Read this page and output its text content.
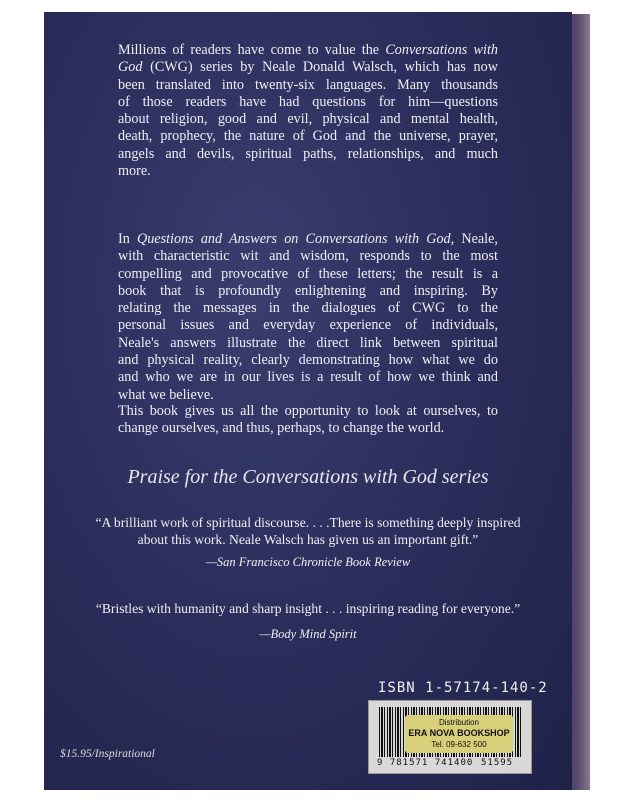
Millions of readers have come to value the Conversations with
God (CWG) series by Neale Donald Walsch, which has now
been translated into twenty-six languages. Many thousands
of those readers have had questions for him—questions
about religion, good and evil, physical and mental health,
death, prophecy, the nature of God and the universe, prayer,
angels and devils, spiritual paths, relationships, and much
more.
In Questions and Answers on Conversations with God, Neale,
with characteristic wit and wisdom, responds to the most
compelling and provocative of these letters; the result is a
book that is profoundly enlightening and inspiring. By
relating the messages in the dialogues of CWG to the
personal issues and everyday experience of individuals,
Neale's answers illustrate the direct link between spiritual
and physical reality, clearly demonstrating how what we do
and who we are in our lives is a result of how we think and
what we believe.
This book gives us all the opportunity to look at ourselves, to
change ourselves, and thus, perhaps, to change the world.
Praise for the Conversations with God series
“A brilliant work of spiritual discourse. . . .There is something deeply inspired
about this work. Neale Walsch has given us an important gift.”
—San Francisco Chronicle Book Review
“Bristles with humanity and sharp insight . . . inspiring reading for everyone.”
—Body Mind Spirit
ISBN 1-57174-140-2
Distribution
ERA NOVA BOOKSHOP
Tel. 09-632 500
9 781571 741400 51595
$15.95/Inspirational
